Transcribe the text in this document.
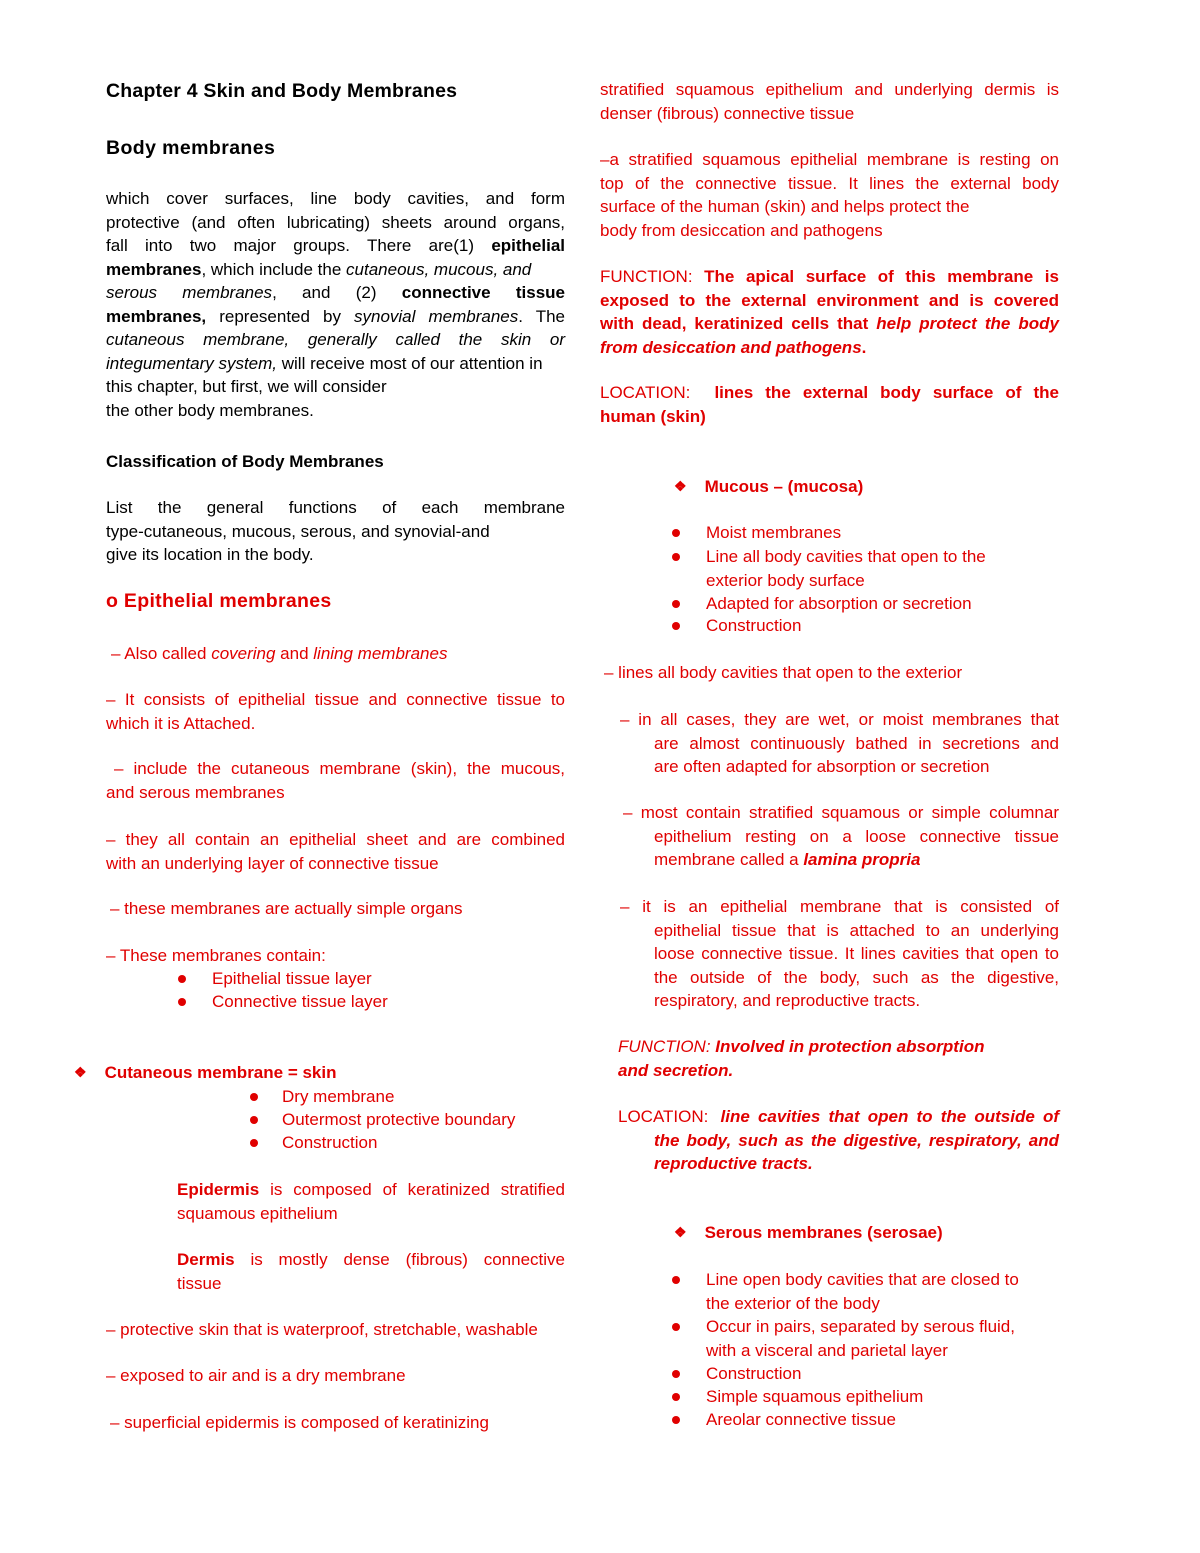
Chapter 4 Skin and Body Membranes
Body membranes
which cover surfaces, line body cavities, and form
protective (and often lubricating) sheets around organs,
fall into two major groups. There are(1) epithelial
membranes, which include the cutaneous, mucous, and
serous membranes, and (2) connective tissue
membranes, represented by synovial membranes. The
cutaneous membrane, generally called the skin or
integumentary system, will receive most of our attention in
this chapter, but first, we will consider
the other body membranes.
Classification of Body Membranes
List the general functions of each membrane
type-cutaneous, mucous, serous, and synovial-and
give its location in the body.
o Epithelial membranes
– Also called covering and lining membranes
– It consists of epithelial tissue and connective tissue to
which it is Attached.
– include the cutaneous membrane (skin), the mucous,
and serous membranes
– they all contain an epithelial sheet and are combined
with an underlying layer of connective tissue
– these membranes are actually simple organs
– These membranes contain:
Epithelial tissue layer
Connective tissue layer
❖ Cutaneous membrane = skin
Dry membrane
Outermost protective boundary
Construction
Epidermis is composed of keratinized stratified
squamous epithelium
Dermis is mostly dense (fibrous) connective
tissue
– protective skin that is waterproof, stretchable, washable
– exposed to air and is a dry membrane
– superficial epidermis is composed of keratinizing
stratified squamous epithelium and underlying dermis is
denser (fibrous) connective tissue
–a stratified squamous epithelial membrane is resting on
top of the connective tissue. It lines the external body
surface of the human (skin) and helps protect the
body from desiccation and pathogens
FUNCTION: The apical surface of this membrane is
exposed to the external environment and is covered
with dead, keratinized cells that help protect the body
from desiccation and pathogens.
LOCATION: lines the external body surface of the
human (skin)
❖ Mucous – (mucosa)
Moist membranes
Line all body cavities that open to the
exterior body surface
Adapted for absorption or secretion
Construction
– lines all body cavities that open to the exterior
– in all cases, they are wet, or moist membranes that
are almost continuously bathed in secretions and
are often adapted for absorption or secretion
– most contain stratified squamous or simple columnar
epithelium resting on a loose connective tissue
membrane called a lamina propria
– it is an epithelial membrane that is consisted of
epithelial tissue that is attached to an underlying
loose connective tissue. It lines cavities that open to
the outside of the body, such as the digestive,
respiratory, and reproductive tracts.
FUNCTION: Involved in protection absorption
and secretion.
LOCATION: line cavities that open to the outside of
the body, such as the digestive, respiratory, and
reproductive tracts.
❖ Serous membranes (serosae)
Line open body cavities that are closed to
the exterior of the body
Occur in pairs, separated by serous fluid,
with a visceral and parietal layer
Construction
Simple squamous epithelium
Areolar connective tissue
